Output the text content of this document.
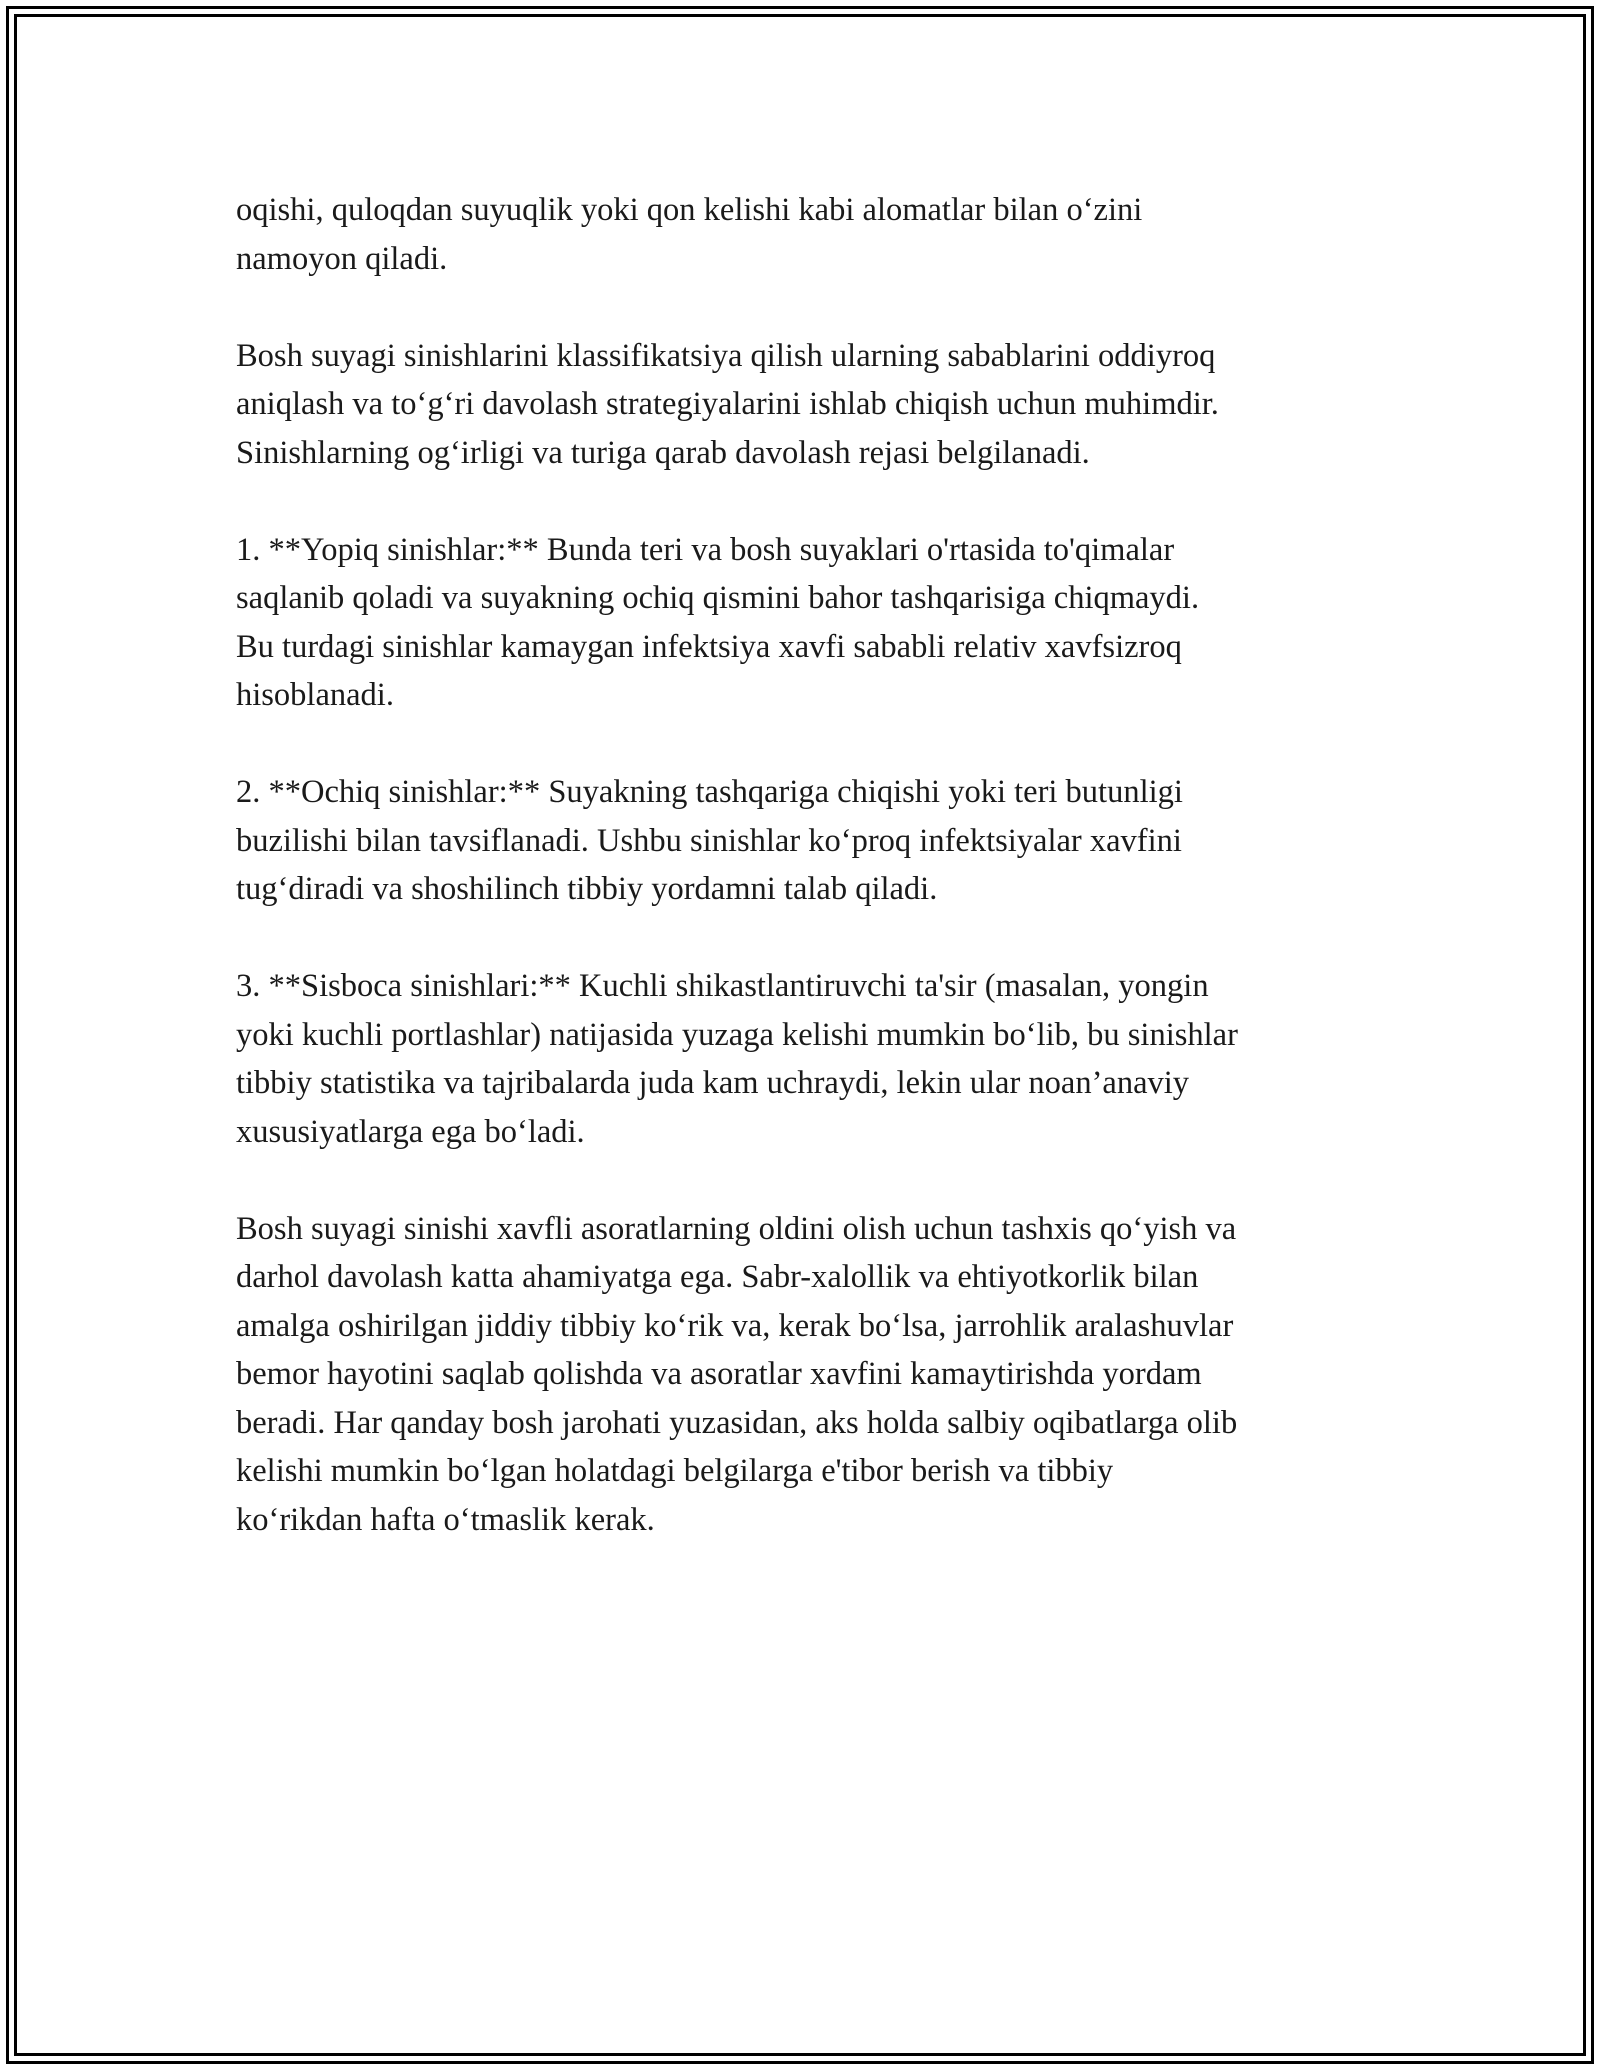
oqishi, quloqdan suyuqlik yoki qon kelishi kabi alomatlar bilan o‘zini
namoyon qiladi.

Bosh suyagi sinishlarini klassifikatsiya qilish ularning sabablarini oddiyroq
aniqlash va to‘g‘ri davolash strategiyalarini ishlab chiqish uchun muhimdir.
Sinishlarning og‘irligi va turiga qarab davolash rejasi belgilanadi.

1. **Yopiq sinishlar:** Bunda teri va bosh suyaklari o'rtasida to'qimalar
saqlanib qoladi va suyakning ochiq qismini bahor tashqarisiga chiqmaydi.
Bu turdagi sinishlar kamaygan infektsiya xavfi sababli relativ xavfsizroq
hisoblanadi.

2. **Ochiq sinishlar:** Suyakning tashqariga chiqishi yoki teri butunligi
buzilishi bilan tavsiflanadi. Ushbu sinishlar ko‘proq infektsiyalar xavfini
tug‘diradi va shoshilinch tibbiy yordamni talab qiladi.

3. **Sisboca sinishlari:** Kuchli shikastlantiruvchi ta'sir (masalan, yongin
yoki kuchli portlashlar) natijasida yuzaga kelishi mumkin bo‘lib, bu sinishlar
tibbiy statistika va tajribalarda juda kam uchraydi, lekin ular noan’anaviy
xususiyatlarga ega bo‘ladi.

Bosh suyagi sinishi xavfli asoratlarning oldini olish uchun tashxis qo‘yish va
darhol davolash katta ahamiyatga ega. Sabr-xalollik va ehtiyotkorlik bilan
amalga oshirilgan jiddiy tibbiy ko‘rik va, kerak bo‘lsa, jarrohlik aralashuvlar
bemor hayotini saqlab qolishda va asoratlar xavfini kamaytirishda yordam
beradi. Har qanday bosh jarohati yuzasidan, aks holda salbiy oqibatlarga olib
kelishi mumkin bo‘lgan holatdagi belgilarga e'tibor berish va tibbiy
ko‘rikdan hafta o‘tmaslik kerak.
